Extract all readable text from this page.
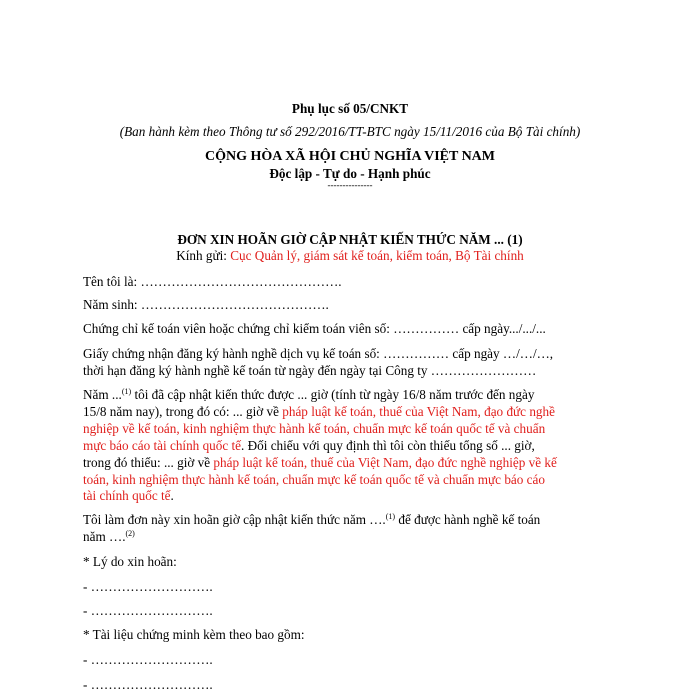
Phụ lục số 05/CNKT
(Ban hành kèm theo Thông tư số 292/2016/TT-BTC ngày 15/11/2016 của Bộ Tài chính)
CỘNG HÒA XÃ HỘI CHỦ NGHĨA VIỆT NAM
Độc lập - Tự do - Hạnh phúc
---------------
ĐƠN XIN HOÃN GIỜ CẬP NHẬT KIẾN THỨC NĂM ... (1)
Kính gửi: Cục Quản lý, giám sát kế toán, kiểm toán, Bộ Tài chính
Tên tôi là: ……………………………………….
Năm sinh: …………………………………….
Chứng chỉ kế toán viên hoặc chứng chỉ kiểm toán viên số: …………… cấp ngày.../.../...
Giấy chứng nhận đăng ký hành nghề dịch vụ kế toán số: …………… cấp ngày …/…/…,
thời hạn đăng ký hành nghề kế toán từ ngày đến ngày tại Công ty ……………………
Năm ...$^{(1)}$ tôi đã cập nhật kiến thức được ... giờ (tính từ ngày 16/8 năm trước đến ngày
15/8 năm nay), trong đó có: ... giờ về pháp luật kế toán, thuế của Việt Nam, đạo đức nghề
nghiệp về kế toán, kinh nghiệm thực hành kế toán, chuẩn mực kế toán quốc tế và chuẩn
mực báo cáo tài chính quốc tế. Đối chiếu với quy định thì tôi còn thiếu tổng số ... giờ,
trong đó thiếu: ... giờ về pháp luật kế toán, thuế của Việt Nam, đạo đức nghề nghiệp về kế
toán, kinh nghiệm thực hành kế toán, chuẩn mực kế toán quốc tế và chuẩn mực báo cáo
tài chính quốc tế.
Tôi làm đơn này xin hoãn giờ cập nhật kiến thức năm ….$^{(1)}$ để được hành nghề kế toán
năm ….$^{(2)}$
* Lý do xin hoãn:
- ……………………….
- ……………………….
* Tài liệu chứng minh kèm theo bao gồm:
- ……………………….
- ……………………….
